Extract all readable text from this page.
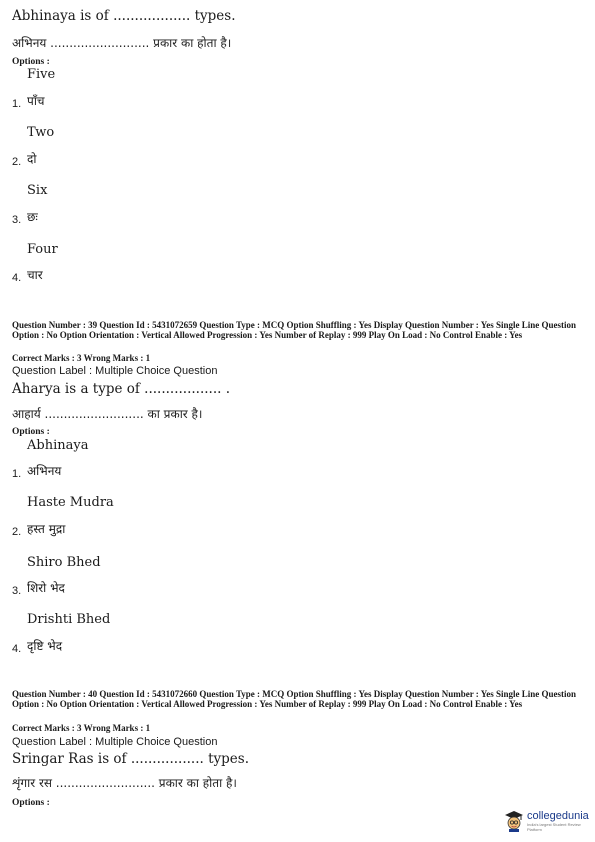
Abhinaya is of .................. types.
अभिनय .......................... प्रकार का होता है।
Options :
Five
1. पाँच
Two
2. दो
Six
3. छः
Four
4. चार
Question Number : 39 Question Id : 5431072659 Question Type : MCQ Option Shuffling : Yes Display Question Number : Yes Single Line Question Option : No Option Orientation : Vertical Allowed Progression : Yes Number of Replay : 999 Play On Load : No Control Enable : Yes
Correct Marks : 3 Wrong Marks : 1
Question Label : Multiple Choice Question
Aharya is a type of .................. .
आहार्य .......................... का प्रकार है।
Options :
Abhinaya
1. अभिनय
Haste Mudra
2. हस्त मुद्रा
Shiro Bhed
3. शिरो भेद
Drishti Bhed
4. दृष्टि भेद
Question Number : 40 Question Id : 5431072660 Question Type : MCQ Option Shuffling : Yes Display Question Number : Yes Single Line Question Option : No Option Orientation : Vertical Allowed Progression : Yes Number of Replay : 999 Play On Load : No Control Enable : Yes
Correct Marks : 3 Wrong Marks : 1
Question Label : Multiple Choice Question
Sringar Ras is of ................. types.
शृंगार रस .......................... प्रकार का होता है।
Options :
collegedunia
India's largest Student Review Platform
